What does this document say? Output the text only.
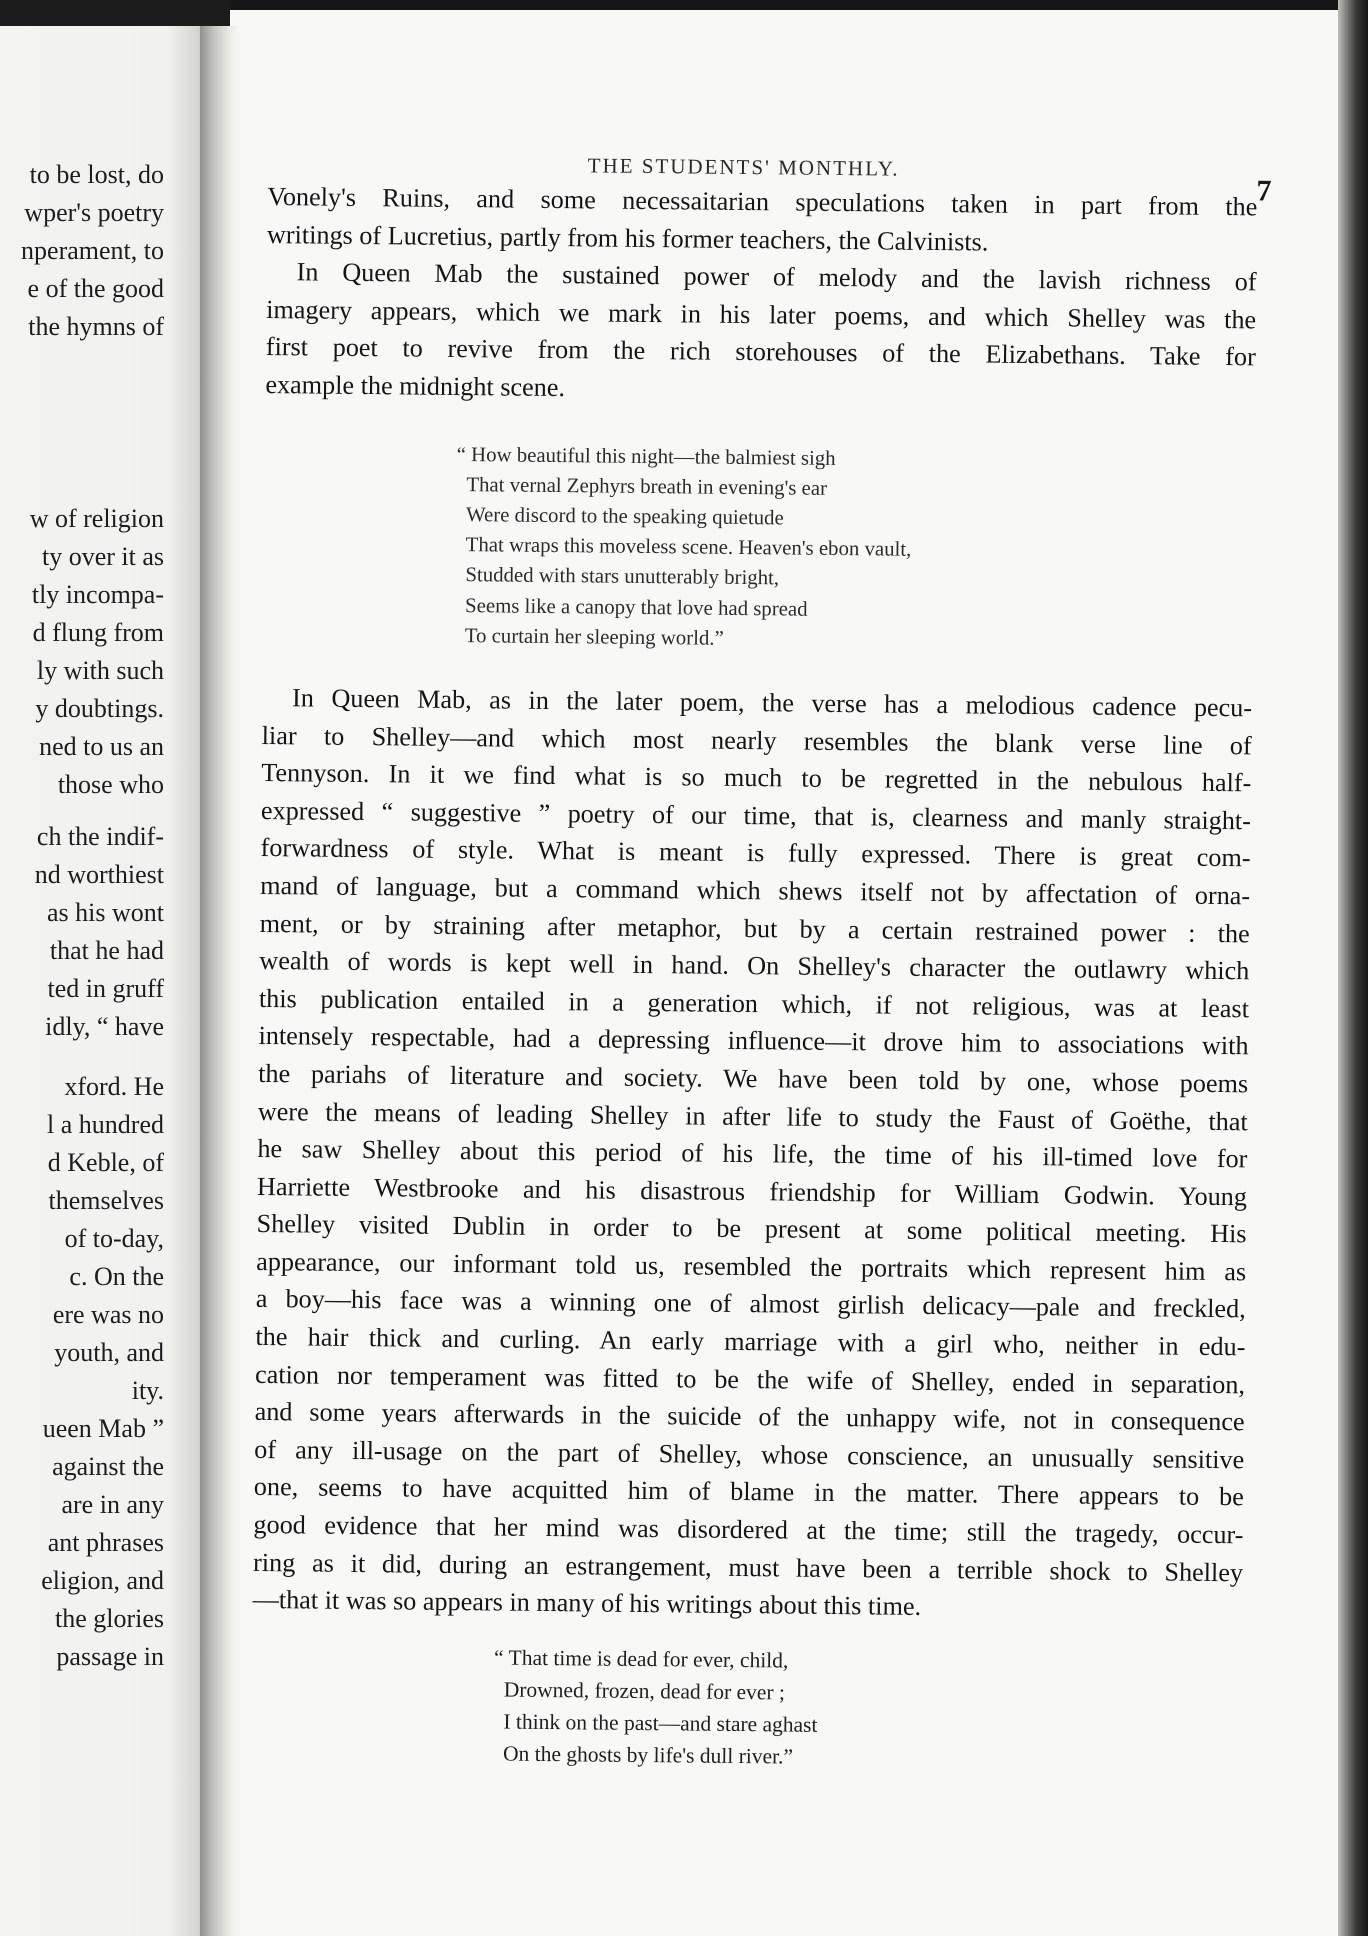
to be lost, do
wper's poetry
nperament, to
e of the good
the hymns of
w of religion
ty over it as
tly incompa-
d flung from
ly with such
y doubtings.
ned to us an
those who
ch the indif-
nd worthiest
as his wont
that he had
ted in gruff
idly, “ have
xford. He
l a hundred
d Keble, of
themselves
of to-day,
c. On the
ere was no
youth, and
ity.
ueen Mab ”
against the
are in any
ant phrases
eligion, and
the glories
passage in
THE STUDENTS' MONTHLY.
7
Vonely's Ruins, and some necessaitarian speculations taken in part from the
writings of Lucretius, partly from his former teachers, the Calvinists.
In Queen Mab the sustained power of melody and the lavish richness of
imagery appears, which we mark in his later poems, and which Shelley was the
first poet to revive from the rich storehouses of the Elizabethans. Take for
example the midnight scene.
“ How beautiful this night—the balmiest sigh
That vernal Zephyrs breath in evening's ear
Were discord to the speaking quietude
That wraps this moveless scene. Heaven's ebon vault,
Studded with stars unutterably bright,
Seems like a canopy that love had spread
To curtain her sleeping world.”
In Queen Mab, as in the later poem, the verse has a melodious cadence pecu-
liar to Shelley—and which most nearly resembles the blank verse line of
Tennyson. In it we find what is so much to be regretted in the nebulous half-
expressed “ suggestive ” poetry of our time, that is, clearness and manly straight-
forwardness of style. What is meant is fully expressed. There is great com-
mand of language, but a command which shews itself not by affectation of orna-
ment, or by straining after metaphor, but by a certain restrained power : the
wealth of words is kept well in hand. On Shelley's character the outlawry which
this publication entailed in a generation which, if not religious, was at least
intensely respectable, had a depressing influence—it drove him to associations with
the pariahs of literature and society. We have been told by one, whose poems
were the means of leading Shelley in after life to study the Faust of Goëthe, that
he saw Shelley about this period of his life, the time of his ill-timed love for
Harriette Westbrooke and his disastrous friendship for William Godwin. Young
Shelley visited Dublin in order to be present at some political meeting. His
appearance, our informant told us, resembled the portraits which represent him as
a boy—his face was a winning one of almost girlish delicacy—pale and freckled,
the hair thick and curling. An early marriage with a girl who, neither in edu-
cation nor temperament was fitted to be the wife of Shelley, ended in separation,
and some years afterwards in the suicide of the unhappy wife, not in consequence
of any ill-usage on the part of Shelley, whose conscience, an unusually sensitive
one, seems to have acquitted him of blame in the matter. There appears to be
good evidence that her mind was disordered at the time; still the tragedy, occur-
ring as it did, during an estrangement, must have been a terrible shock to Shelley
—that it was so appears in many of his writings about this time.
“ That time is dead for ever, child,
Drowned, frozen, dead for ever ;
I think on the past—and stare aghast
On the ghosts by life's dull river.”
